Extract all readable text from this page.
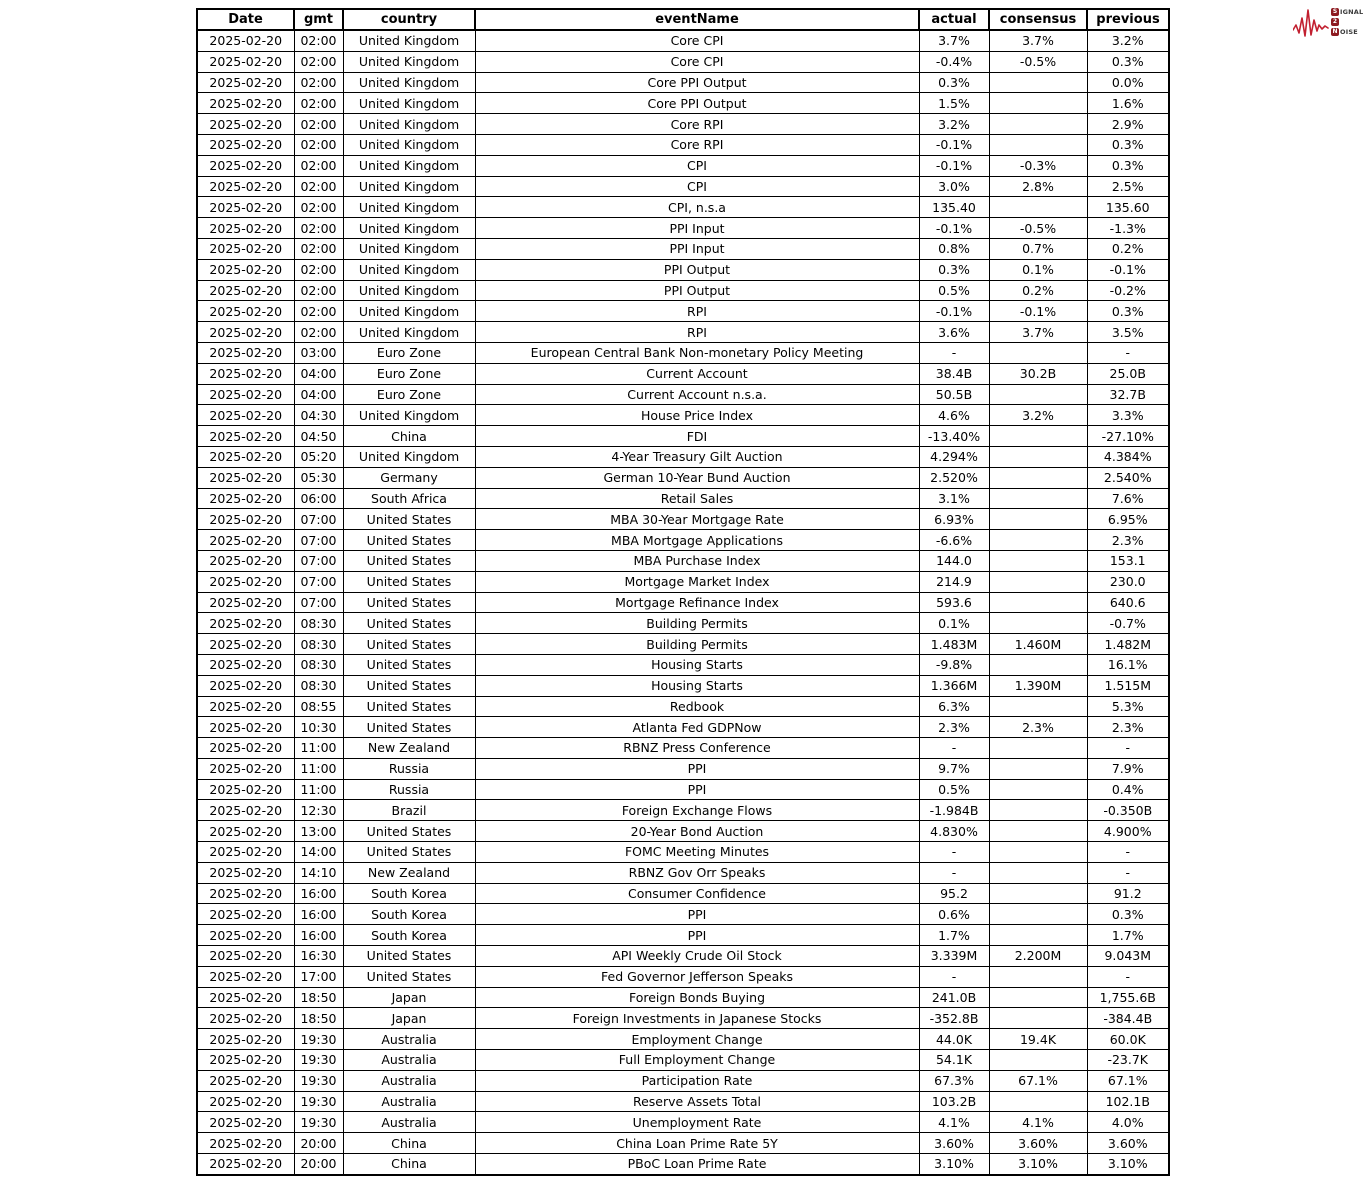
Date	gmt	country	eventName	actual	consensus	previous
2025-02-20	02:00	United Kingdom	Core CPI	3.7%	3.7%	3.2%
2025-02-20	02:00	United Kingdom	Core CPI	-0.4%	-0.5%	0.3%
2025-02-20	02:00	United Kingdom	Core PPI Output	0.3%		0.0%
2025-02-20	02:00	United Kingdom	Core PPI Output	1.5%		1.6%
2025-02-20	02:00	United Kingdom	Core RPI	3.2%		2.9%
2025-02-20	02:00	United Kingdom	Core RPI	-0.1%		0.3%
2025-02-20	02:00	United Kingdom	CPI	-0.1%	-0.3%	0.3%
2025-02-20	02:00	United Kingdom	CPI	3.0%	2.8%	2.5%
2025-02-20	02:00	United Kingdom	CPI, n.s.a	135.40		135.60
2025-02-20	02:00	United Kingdom	PPI Input	-0.1%	-0.5%	-1.3%
2025-02-20	02:00	United Kingdom	PPI Input	0.8%	0.7%	0.2%
2025-02-20	02:00	United Kingdom	PPI Output	0.3%	0.1%	-0.1%
2025-02-20	02:00	United Kingdom	PPI Output	0.5%	0.2%	-0.2%
2025-02-20	02:00	United Kingdom	RPI	-0.1%	-0.1%	0.3%
2025-02-20	02:00	United Kingdom	RPI	3.6%	3.7%	3.5%
2025-02-20	03:00	Euro Zone	European Central Bank Non-monetary Policy Meeting	-		-
2025-02-20	04:00	Euro Zone	Current Account	38.4B	30.2B	25.0B
2025-02-20	04:00	Euro Zone	Current Account n.s.a.	50.5B		32.7B
2025-02-20	04:30	United Kingdom	House Price Index	4.6%	3.2%	3.3%
2025-02-20	04:50	China	FDI	-13.40%		-27.10%
2025-02-20	05:20	United Kingdom	4-Year Treasury Gilt Auction	4.294%		4.384%
2025-02-20	05:30	Germany	German 10-Year Bund Auction	2.520%		2.540%
2025-02-20	06:00	South Africa	Retail Sales	3.1%		7.6%
2025-02-20	07:00	United States	MBA 30-Year Mortgage Rate	6.93%		6.95%
2025-02-20	07:00	United States	MBA Mortgage Applications	-6.6%		2.3%
2025-02-20	07:00	United States	MBA Purchase Index	144.0		153.1
2025-02-20	07:00	United States	Mortgage Market Index	214.9		230.0
2025-02-20	07:00	United States	Mortgage Refinance Index	593.6		640.6
2025-02-20	08:30	United States	Building Permits	0.1%		-0.7%
2025-02-20	08:30	United States	Building Permits	1.483M	1.460M	1.482M
2025-02-20	08:30	United States	Housing Starts	-9.8%		16.1%
2025-02-20	08:30	United States	Housing Starts	1.366M	1.390M	1.515M
2025-02-20	08:55	United States	Redbook	6.3%		5.3%
2025-02-20	10:30	United States	Atlanta Fed GDPNow	2.3%	2.3%	2.3%
2025-02-20	11:00	New Zealand	RBNZ Press Conference	-		-
2025-02-20	11:00	Russia	PPI	9.7%		7.9%
2025-02-20	11:00	Russia	PPI	0.5%		0.4%
2025-02-20	12:30	Brazil	Foreign Exchange Flows	-1.984B		-0.350B
2025-02-20	13:00	United States	20-Year Bond Auction	4.830%		4.900%
2025-02-20	14:00	United States	FOMC Meeting Minutes	-		-
2025-02-20	14:10	New Zealand	RBNZ Gov Orr Speaks	-		-
2025-02-20	16:00	South Korea	Consumer Confidence	95.2		91.2
2025-02-20	16:00	South Korea	PPI	0.6%		0.3%
2025-02-20	16:00	South Korea	PPI	1.7%		1.7%
2025-02-20	16:30	United States	API Weekly Crude Oil Stock	3.339M	2.200M	9.043M
2025-02-20	17:00	United States	Fed Governor Jefferson Speaks	-		-
2025-02-20	18:50	Japan	Foreign Bonds Buying	241.0B		1,755.6B
2025-02-20	18:50	Japan	Foreign Investments in Japanese Stocks	-352.8B		-384.4B
2025-02-20	19:30	Australia	Employment Change	44.0K	19.4K	60.0K
2025-02-20	19:30	Australia	Full Employment Change	54.1K		-23.7K
2025-02-20	19:30	Australia	Participation Rate	67.3%	67.1%	67.1%
2025-02-20	19:30	Australia	Reserve Assets Total	103.2B		102.1B
2025-02-20	19:30	Australia	Unemployment Rate	4.1%	4.1%	4.0%
2025-02-20	20:00	China	China Loan Prime Rate 5Y	3.60%	3.60%	3.60%
2025-02-20	20:00	China	PBoC Loan Prime Rate	3.10%	3.10%	3.10%
S IGNAL
2
N OISE
